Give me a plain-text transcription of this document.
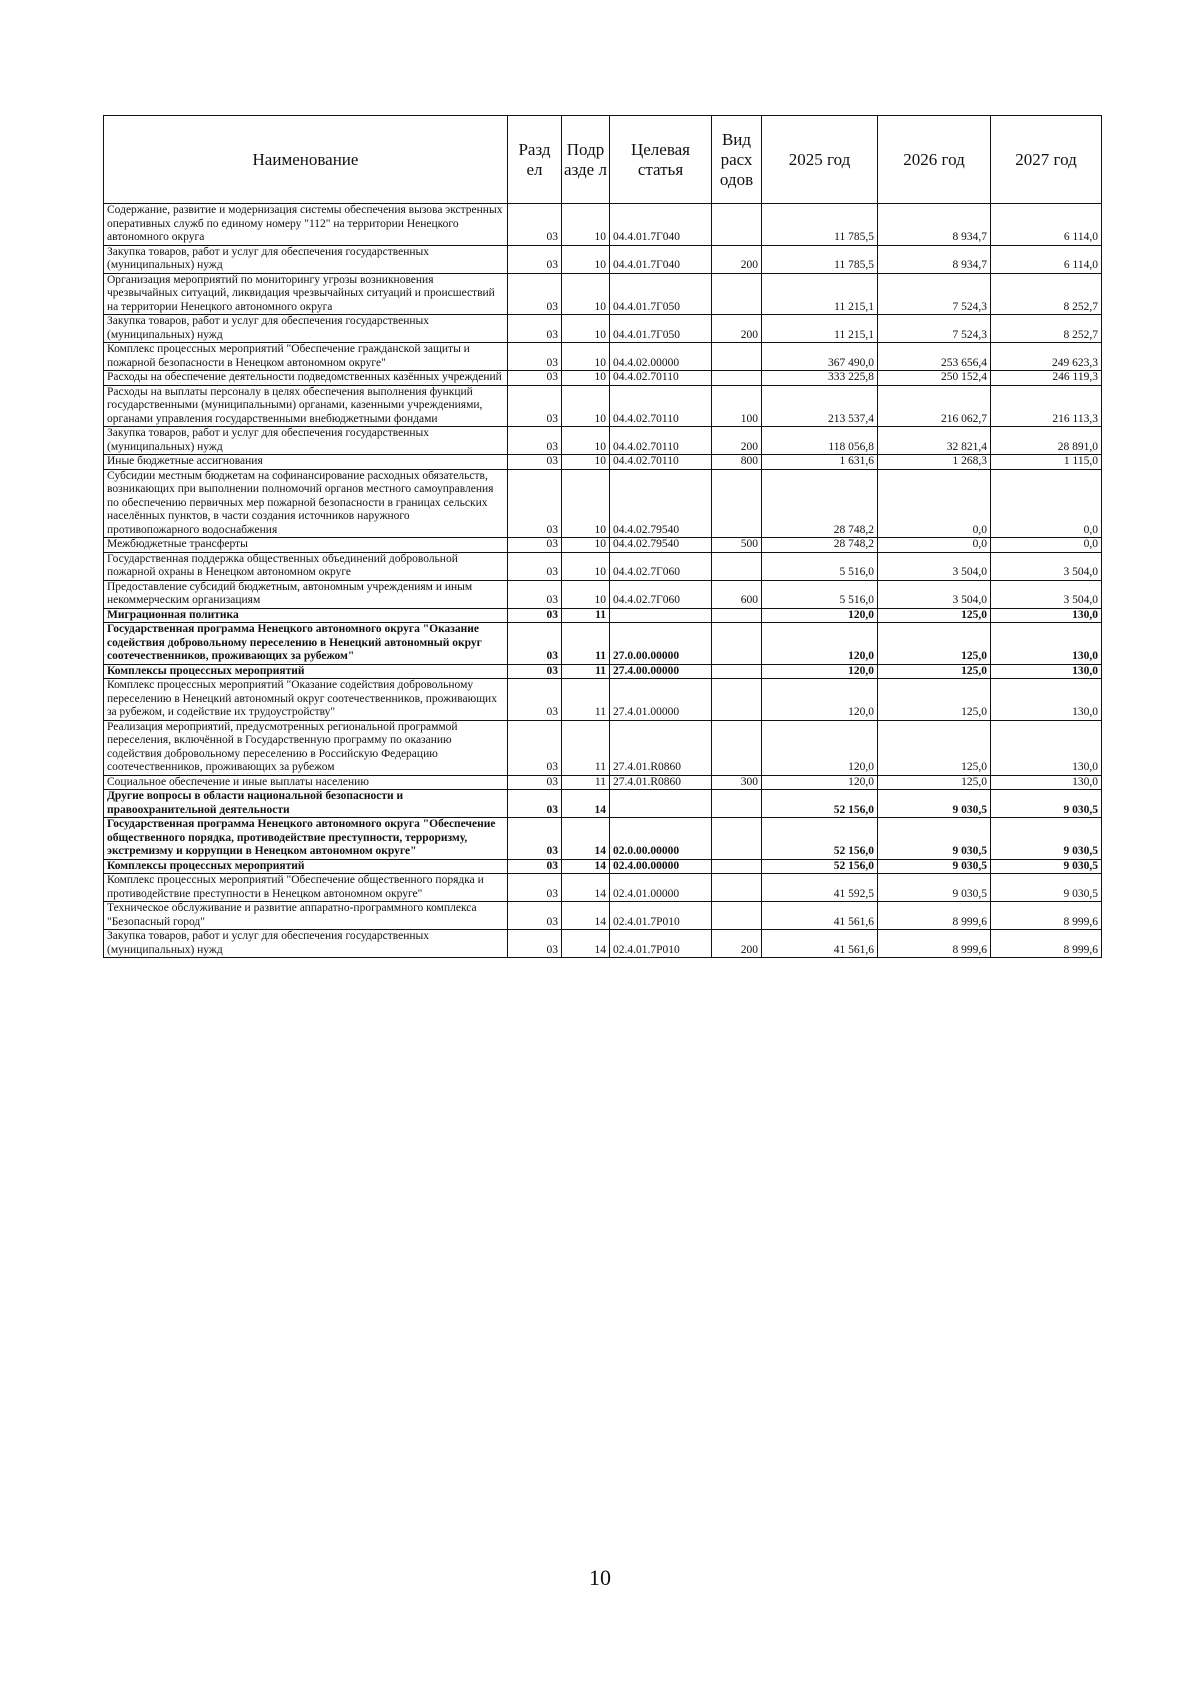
Наименование	Разд ел	Подр азде л	Целевая статья	Вид расх одов	2025 год	2026 год	2027 год
Содержание, развитие и модернизация системы обеспечения вызова экстренных оперативных служб по единому номеру "112" на территории Ненецкого автономного округа	03	10	04.4.01.7Г040		11 785,5	8 934,7	6 114,0
Закупка товаров, работ и услуг для обеспечения государственных (муниципальных) нужд	03	10	04.4.01.7Г040	200	11 785,5	8 934,7	6 114,0
Организация мероприятий по мониторингу угрозы возникновения чрезвычайных ситуаций, ликвидация чрезвычайных ситуаций и происшествий на территории Ненецкого автономного округа	03	10	04.4.01.7Г050		11 215,1	7 524,3	8 252,7
Закупка товаров, работ и услуг для обеспечения государственных (муниципальных) нужд	03	10	04.4.01.7Г050	200	11 215,1	7 524,3	8 252,7
Комплекс процессных мероприятий "Обеспечение гражданской защиты и пожарной безопасности в Ненецком автономном округе"	03	10	04.4.02.00000		367 490,0	253 656,4	249 623,3
Расходы на обеспечение деятельности подведомственных казённых учреждений	03	10	04.4.02.70110		333 225,8	250 152,4	246 119,3
Расходы на выплаты персоналу в целях обеспечения выполнения функций государственными (муниципальными) органами, казенными учреждениями, органами управления государственными внебюджетными фондами	03	10	04.4.02.70110	100	213 537,4	216 062,7	216 113,3
Закупка товаров, работ и услуг для обеспечения государственных (муниципальных) нужд	03	10	04.4.02.70110	200	118 056,8	32 821,4	28 891,0
Иные бюджетные ассигнования	03	10	04.4.02.70110	800	1 631,6	1 268,3	1 115,0
Субсидии местным бюджетам на софинансирование расходных обязательств, возникающих при выполнении полномочий органов местного самоуправления по обеспечению первичных мер пожарной безопасности в границах сельских населённых пунктов, в части создания источников наружного противопожарного водоснабжения	03	10	04.4.02.79540		28 748,2	0,0	0,0
Межбюджетные трансферты	03	10	04.4.02.79540	500	28 748,2	0,0	0,0
Государственная поддержка общественных объединений добровольной пожарной охраны в Ненецком автономном округе	03	10	04.4.02.7Г060		5 516,0	3 504,0	3 504,0
Предоставление субсидий бюджетным, автономным учреждениям и иным некоммерческим организациям	03	10	04.4.02.7Г060	600	5 516,0	3 504,0	3 504,0
Миграционная политика	03	11			120,0	125,0	130,0
Государственная программа Ненецкого автономного округа "Оказание содействия добровольному переселению в Ненецкий автономный округ соотечественников, проживающих за рубежом"	03	11	27.0.00.00000		120,0	125,0	130,0
Комплексы процессных мероприятий	03	11	27.4.00.00000		120,0	125,0	130,0
Комплекс процессных мероприятий "Оказание содействия добровольному переселению в Ненецкий автономный округ соотечественников, проживающих за рубежом, и содействие их трудоустройству"	03	11	27.4.01.00000		120,0	125,0	130,0
Реализация мероприятий, предусмотренных региональной программой переселения, включённой в Государственную программу по оказанию содействия добровольному переселению в Российскую Федерацию соотечественников, проживающих за рубежом	03	11	27.4.01.R0860		120,0	125,0	130,0
Социальное обеспечение и иные выплаты населению	03	11	27.4.01.R0860	300	120,0	125,0	130,0
Другие вопросы в области национальной безопасности и правоохранительной деятельности	03	14			52 156,0	9 030,5	9 030,5
Государственная программа Ненецкого автономного округа "Обеспечение общественного порядка, противодействие преступности, терроризму, экстремизму и коррупции в Ненецком автономном округе"	03	14	02.0.00.00000		52 156,0	9 030,5	9 030,5
Комплексы процессных мероприятий	03	14	02.4.00.00000		52 156,0	9 030,5	9 030,5
Комплекс процессных мероприятий "Обеспечение общественного порядка и противодействие преступности в Ненецком автономном округе"	03	14	02.4.01.00000		41 592,5	9 030,5	9 030,5
Техническое обслуживание и развитие аппаратно-программного комплекса "Безопасный город"	03	14	02.4.01.7Р010		41 561,6	8 999,6	8 999,6
Закупка товаров, работ и услуг для обеспечения государственных (муниципальных) нужд	03	14	02.4.01.7Р010	200	41 561,6	8 999,6	8 999,6
10
